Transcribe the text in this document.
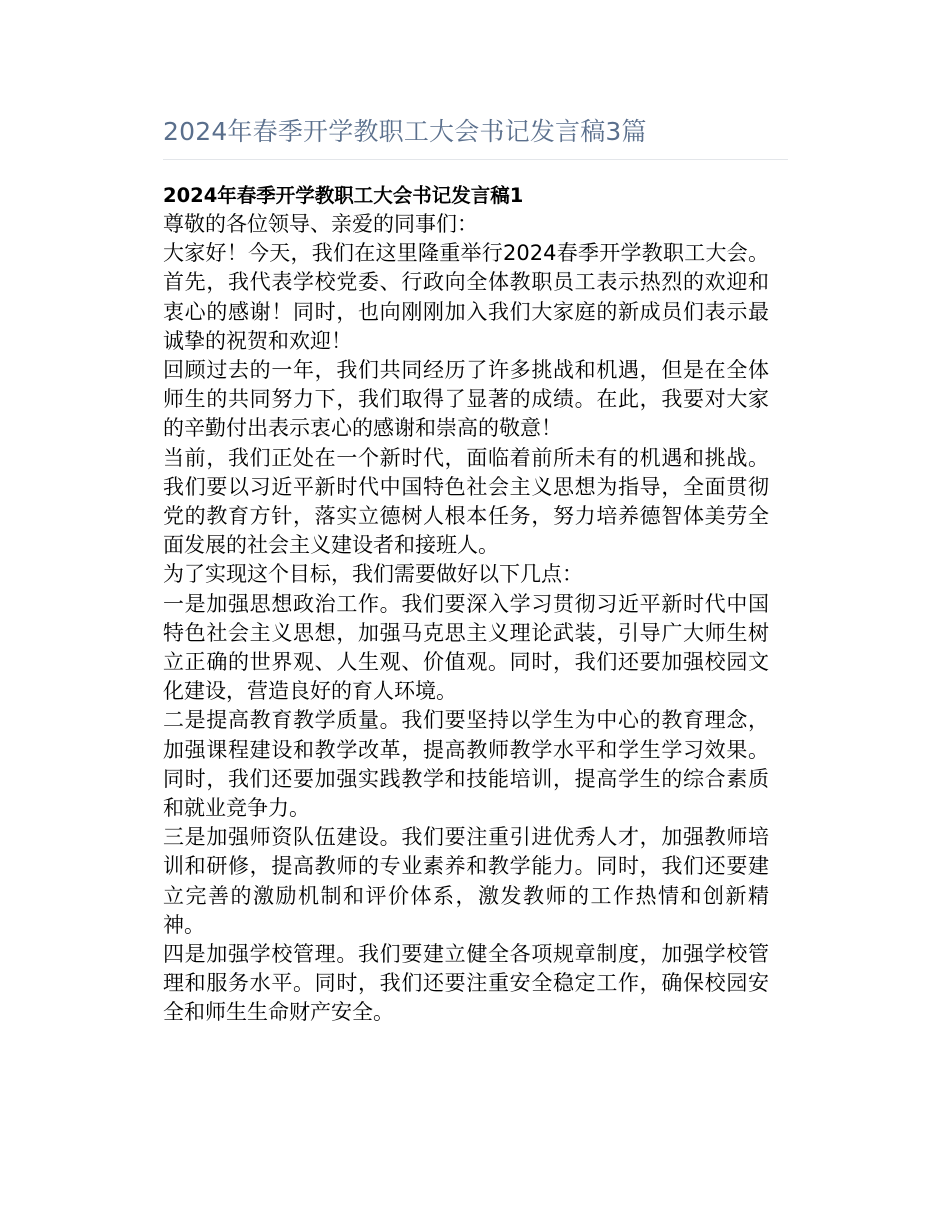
2024年春季开学教职工大会书记发言稿3篇
2024年春季开学教职工大会书记发言稿1

尊敬的各位领导、亲爱的同事们：

大家好！今天，我们在这里隆重举行2024春季开学教职工大会。首先，我代表学校党委、行政向全体教职员工表示热烈的欢迎和衷心的感谢！同时，也向刚刚加入我们大家庭的新成员们表示最诚挚的祝贺和欢迎！

回顾过去的一年，我们共同经历了许多挑战和机遇，但是在全体师生的共同努力下，我们取得了显著的成绩。在此，我要对大家的辛勤付出表示衷心的感谢和崇高的敬意！

当前，我们正处在一个新时代，面临着前所未有的机遇和挑战。我们要以习近平新时代中国特色社会主义思想为指导，全面贯彻党的教育方针，落实立德树人根本任务，努力培养德智体美劳全面发展的社会主义建设者和接班人。

为了实现这个目标，我们需要做好以下几点：

一是加强思想政治工作。我们要深入学习贯彻习近平新时代中国特色社会主义思想，加强马克思主义理论武装，引导广大师生树立正确的世界观、人生观、价值观。同时，我们还要加强校园文化建设，营造良好的育人环境。

二是提高教育教学质量。我们要坚持以学生为中心的教育理念，加强课程建设和教学改革，提高教师教学水平和学生学习效果。同时，我们还要加强实践教学和技能培训，提高学生的综合素质和就业竞争力。

三是加强师资队伍建设。我们要注重引进优秀人才，加强教师培训和研修，提高教师的专业素养和教学能力。同时，我们还要建立完善的激励机制和评价体系，激发教师的工作热情和创新精神。

四是加强学校管理。我们要建立健全各项规章制度，加强学校管理和服务水平。同时，我们还要注重安全稳定工作，确保校园安全和师生生命财产安全。
